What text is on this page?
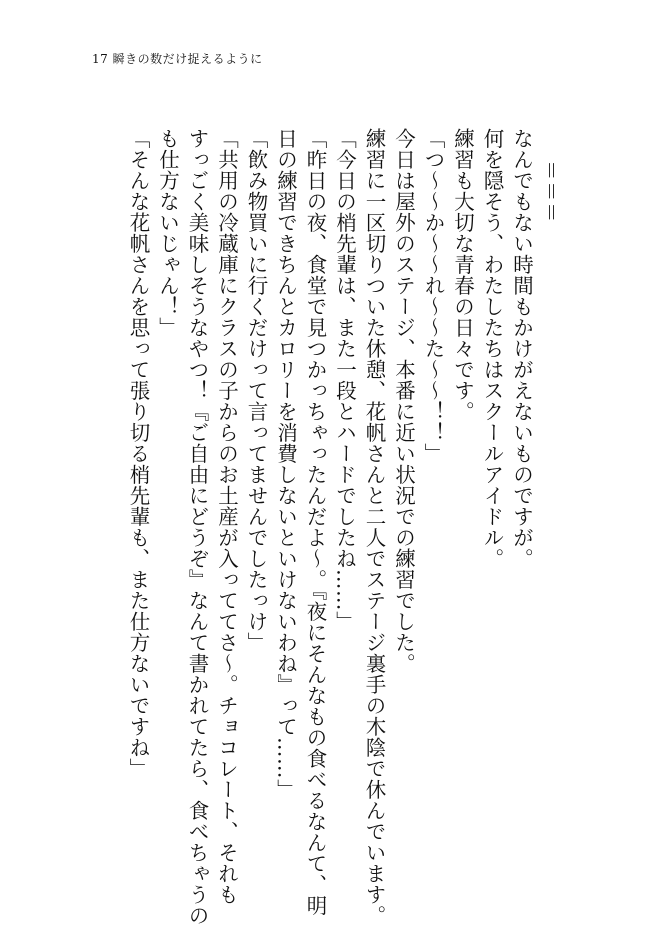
17 瞬きの数だけ捉えるように
＝＝＝
なんでもない時間もかけがえないものですが。
何を隠そう、わたしたちはスクールアイドル。
練習も大切な青春の日々です。
「つ〜〜か〜〜れ〜〜た〜〜！！」
今日は屋外のステージ、本番に近い状況での練習でした。
練習に一区切りついた休憩、花帆さんと二人でステージ裏手の木陰で休んでいます。
「今日の梢先輩は、また一段とハードでしたね……」
「昨日の夜、食堂で見つかっちゃったんだよ〜。『夜にそんなもの食べるなんて、明
日の練習できちんとカロリーを消費しないといけないわね』って……」
「飲み物買いに行くだけって言ってませんでしたっけ」
「共用の冷蔵庫にクラスの子からのお土産が入っててさ〜。チョコレート、それも
すっごく美味しそうなやつ！『ご自由にどうぞ』なんて書かれてたら、食べちゃうの
も仕方ないじゃん！」
「そんな花帆さんを思って張り切る梢先輩も、また仕方ないですね」
